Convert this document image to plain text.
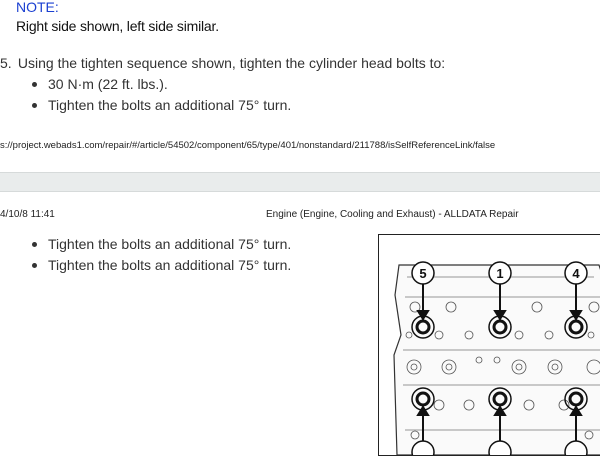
NOTE:
Right side shown, left side similar.
5. Using the tighten sequence shown, tighten the cylinder head bolts to:
30 N·m (22 ft. lbs.).
Tighten the bolts an additional 75° turn.
s://project.webads1.com/repair/#/article/54502/component/65/type/401/nonstandard/211788/isSelfReferenceLink/false
4/10/8 11:41	Engine (Engine, Cooling and Exhaust) - ALLDATA Repair
Tighten the bolts an additional 75° turn.
Tighten the bolts an additional 75° turn.
5	1	4
